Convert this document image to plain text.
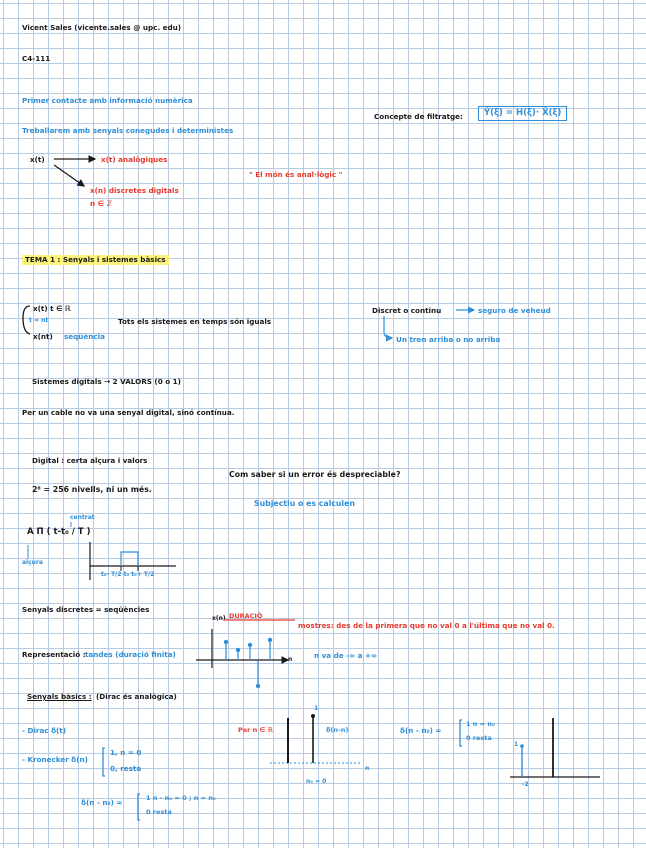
Vicent Sales (vicente.sales @ upc. edu)
C4-111
Primer contacte amb informació numèrica
Treballarem amb senyals conegudes i deterministes
Concepte de filtratge:	Ȳ(ξ) = H(ξ)· X̄(ξ)
x(t)	x(t) analògiques
x(n) discretes digitals
n ∈ ℤ
" El món és anal·lògic "
TEMA 1 : Senyals i sistemes bàsics
x(t) t ∈ ℝ
t = nt
x(nt) seqüència
Tots els sistemes en temps són iguals
Discret o continu	seguro de veheud
Un tren arriba o no arriba
Sistemes digitals → 2 VALORS (0 o 1)
Per un cable no va una senyal digital, sinó contínua.
Digital : certa alçura i valors
2⁸ = 256 nivells, ni un més.
Com saber si un error és despreciable?
Subjectiu o es calculen
A Π ( t-t₀ / T )
centrat
alçura
t₀- T/2 t₀ t₀+ T/2
Senyals discretes = seqüències
x(n) DURACIÓ
mostres: des de la primera que no val 0 a l'última que no val 0.
Representació : tandes (duració finita)	n va de -∞ a +∞
n
Senyals bàsics : (Dirac és analògica)
- Dirac δ(t)
- Kronecker δ(n)
1, n = 0
0, resta
Per n ∈ ℝ	δ(n-n)
1
n₀ = 0
n
δ(n - n₀) =
1 n = n₀
0 resta
1
-2
δ(n - n₀) =	1 n - n₀ = 0 ; n = n₀
0 resta
